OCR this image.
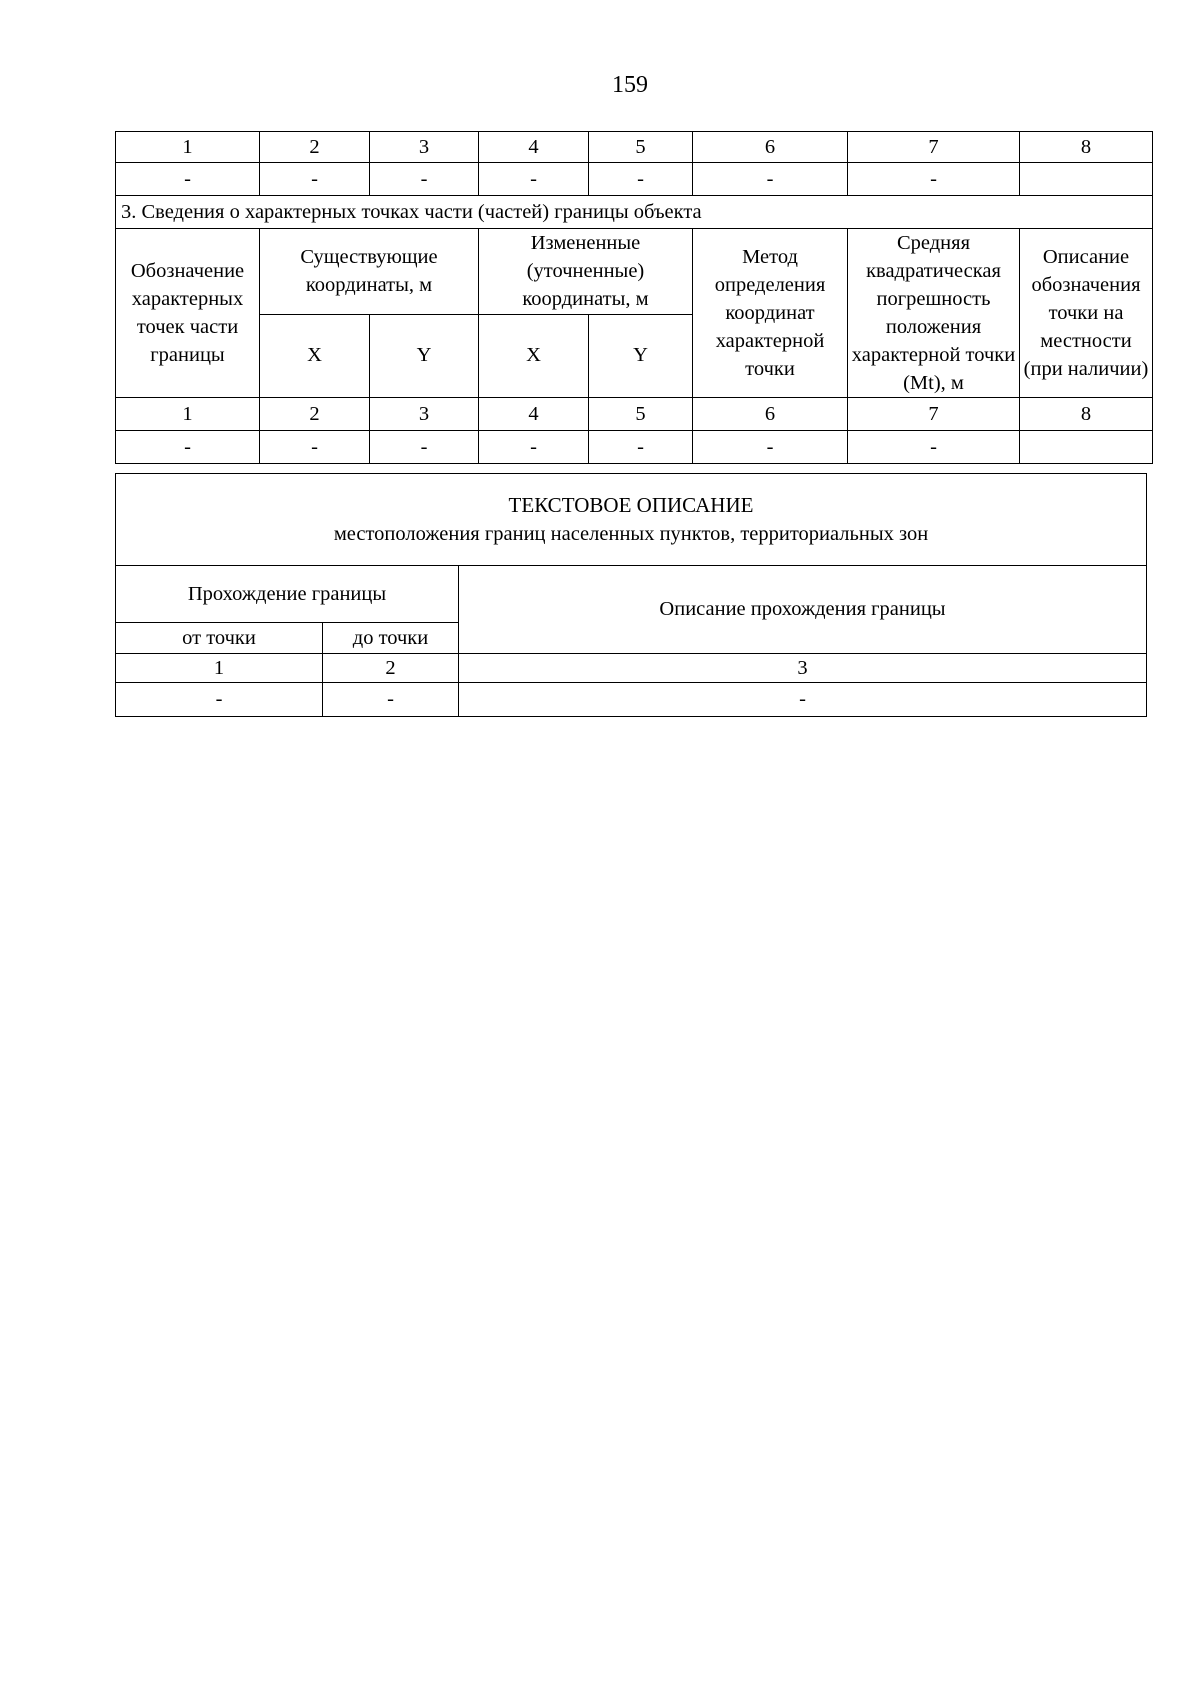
159
1	2	3	4	5	6	7	8
-	-	-	-	-	-	-	
3. Сведения о характерных точках части (частей) границы объекта							
Обозначение характерных точек части границы	Существующие координаты, м		Измененные (уточненные) координаты, м		Метод определения координат характерной точки	Средняя квадратическая погрешность положения характерной точки (Mt), м	Описание обозначения точки на местности (при наличии)
	X	Y	X	Y			
1	2	3	4	5	6	7	8
-	-	-	-	-	-	-	
ТЕКСТОВОЕ ОПИСАНИЕ
местоположения границ населенных пунктов, территориальных зон		

Прохождение границы		Описание прохождения границы
от точки	до точки	
1	2	3
-	-	-
